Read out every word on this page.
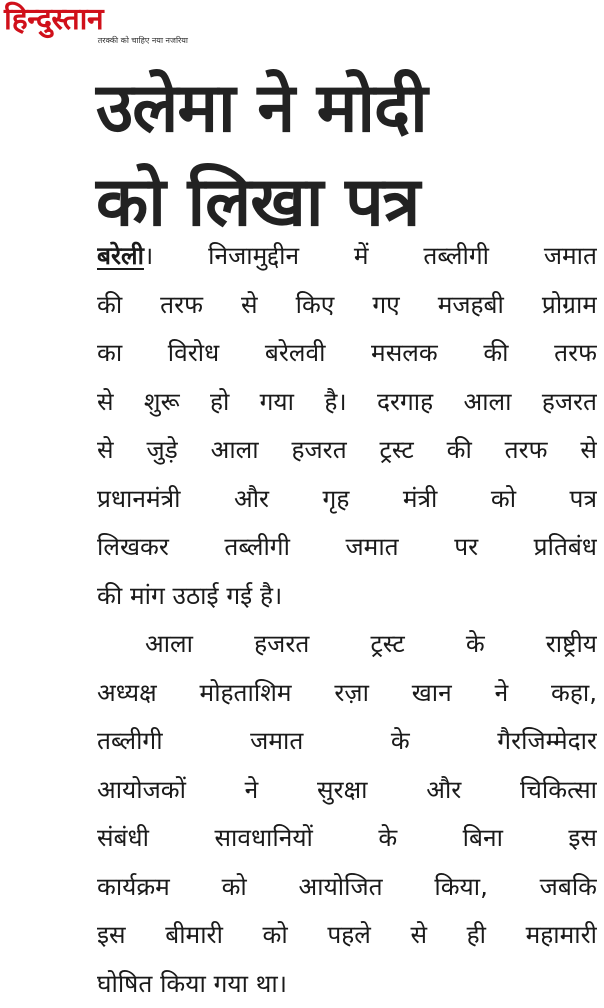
हिन्दुस्तान
तरक्की को चाहिए नया नजरिया
उलेमा ने मोदी
को लिखा पत्र
बरेली। निजामुद्दीन में तब्लीगी जमात
की तरफ से किए गए मजहबी प्रोग्राम
का विरोध बरेलवी मसलक की तरफ
से शुरू हो गया है। दरगाह आला हजरत
से जुड़े आला हजरत ट्रस्ट की तरफ से
प्रधानमंत्री और गृह मंत्री को पत्र
लिखकर तब्लीगी जमात पर प्रतिबंध
की मांग उठाई गई है।
आला हजरत ट्रस्ट के राष्ट्रीय
अध्यक्ष मोहताशिम रज़ा खान ने कहा,
तब्लीगी जमात के गैरजिम्मेदार
आयोजकों ने सुरक्षा और चिकित्सा
संबंधी सावधानियों के बिना इस
कार्यक्रम को आयोजित किया, जबकि
इस बीमारी को पहले से ही महामारी
घोषित किया गया था।
